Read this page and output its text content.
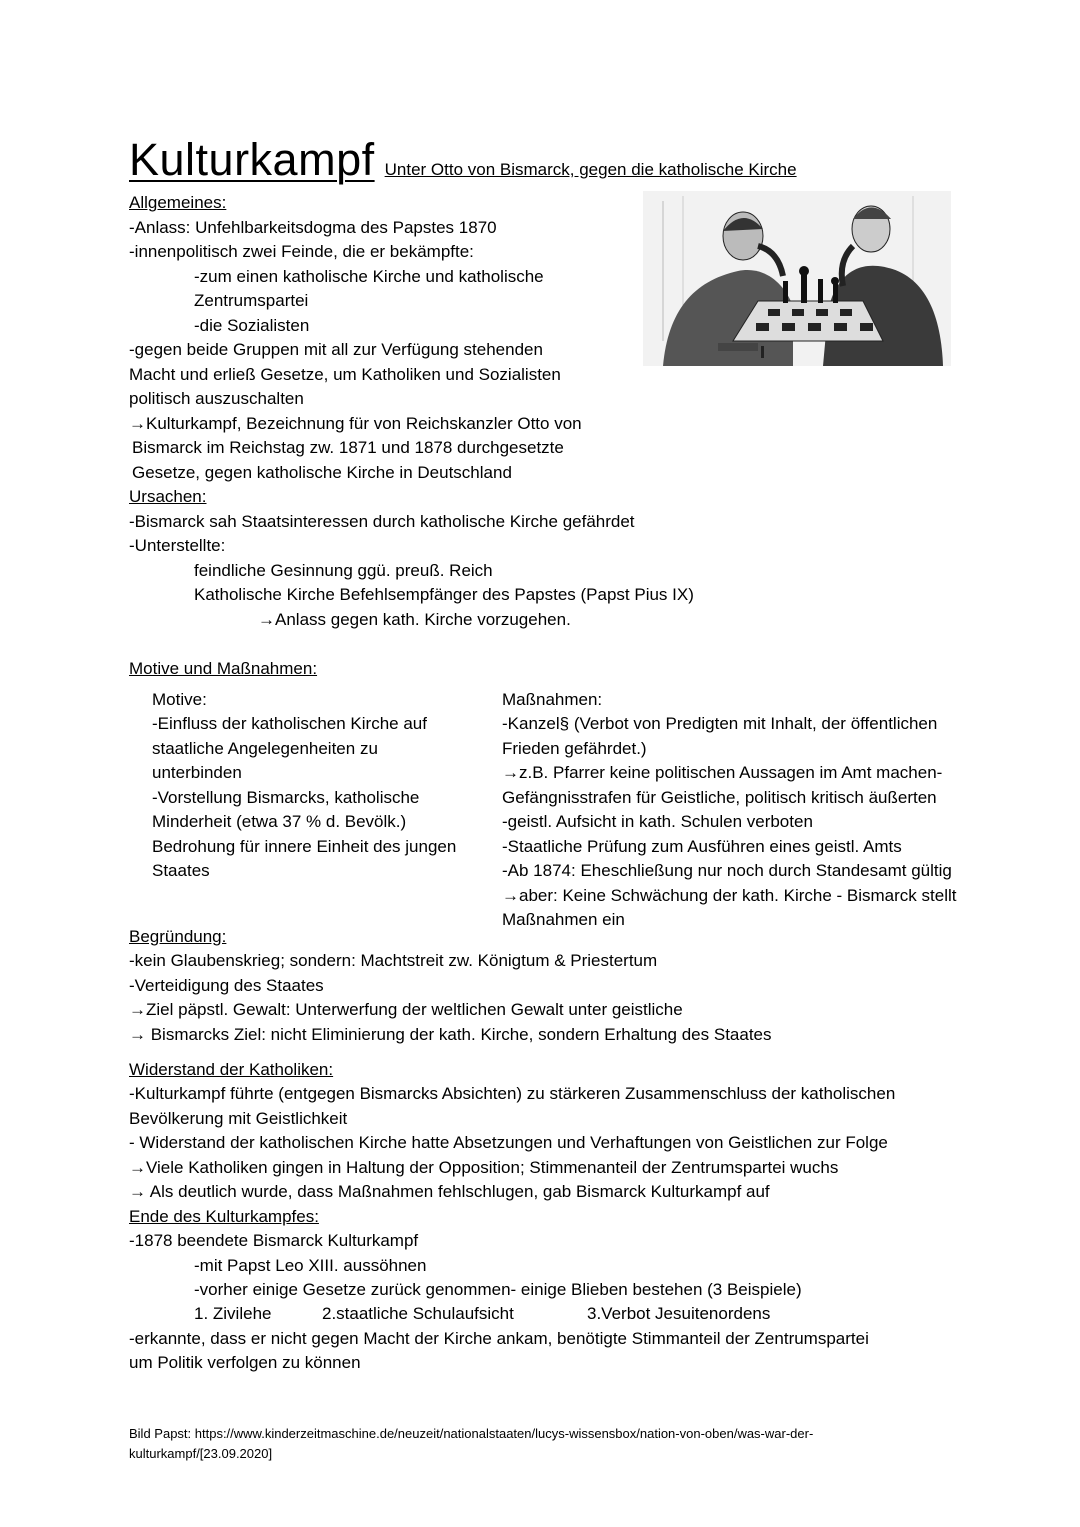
Kulturkampf Unter Otto von Bismarck, gegen die katholische Kirche
Allgemeines:
-Anlass: Unfehlbarkeitsdogma des Papstes 1870
-innenpolitisch zwei Feinde, die er bekämpfte:
-zum einen katholische Kirche und katholische
Zentrumspartei
-die Sozialisten
-gegen beide Gruppen mit all zur Verfügung stehenden
Macht und erließ Gesetze, um Katholiken und Sozialisten
politisch auszuschalten
→Kulturkampf, Bezeichnung für von Reichskanzler Otto von
Bismarck im Reichstag zw. 1871 und 1878 durchgesetzte
Gesetze, gegen katholische Kirche in Deutschland
Ursachen:
-Bismarck sah Staatsinteressen durch katholische Kirche gefährdet
-Unterstellte:
feindliche Gesinnung ggü. preuß. Reich
Katholische Kirche Befehlsempfänger des Papstes (Papst Pius IX)
→Anlass gegen kath. Kirche vorzugehen.
Motive und Maßnahmen:
Motive:
-Einfluss der katholischen Kirche auf
staatliche Angelegenheiten zu
unterbinden
-Vorstellung Bismarcks, katholische
Minderheit (etwa 37 % d. Bevölk.)
Bedrohung für innere Einheit des jungen
Staates
Maßnahmen:
-Kanzel§ (Verbot von Predigten mit Inhalt, der öffentlichen
Frieden gefährdet.)
→z.B. Pfarrer keine politischen Aussagen im Amt machen-
Gefängnisstrafen für Geistliche, politisch kritisch äußerten
-geistl. Aufsicht in kath. Schulen verboten
-Staatliche Prüfung zum Ausführen eines geistl. Amts
-Ab 1874: Eheschließung nur noch durch Standesamt gültig
→aber: Keine Schwächung der kath. Kirche - Bismarck stellt
Maßnahmen ein
Begründung:
-kein Glaubenskrieg; sondern: Machtstreit zw. Königtum & Priestertum
-Verteidigung des Staates
→Ziel päpstl. Gewalt: Unterwerfung der weltlichen Gewalt unter geistliche
→ Bismarcks Ziel: nicht Eliminierung der kath. Kirche, sondern Erhaltung des Staates
Widerstand der Katholiken:
-Kulturkampf führte (entgegen Bismarcks Absichten) zu stärkeren Zusammenschluss der katholischen
Bevölkerung mit Geistlichkeit
- Widerstand der katholischen Kirche hatte Absetzungen und Verhaftungen von Geistlichen zur Folge
→Viele Katholiken gingen in Haltung der Opposition; Stimmenanteil der Zentrumspartei wuchs
→ Als deutlich wurde, dass Maßnahmen fehlschlugen, gab Bismarck Kulturkampf auf
Ende des Kulturkampfes:
-1878 beendete Bismarck Kulturkampf
-mit Papst Leo XIII. aussöhnen
-vorher einige Gesetze zurück genommen- einige Blieben bestehen (3 Beispiele)
1. Zivilehe	2.staatliche Schulaufsicht	3.Verbot Jesuitenordens
-erkannte, dass er nicht gegen Macht der Kirche ankam, benötigte Stimmanteil der Zentrumspartei
um Politik verfolgen zu können
Bild Papst: https://www.kinderzeitmaschine.de/neuzeit/nationalstaaten/lucys-wissensbox/nation-von-oben/was-war-der-
kulturkampf/[23.09.2020]
